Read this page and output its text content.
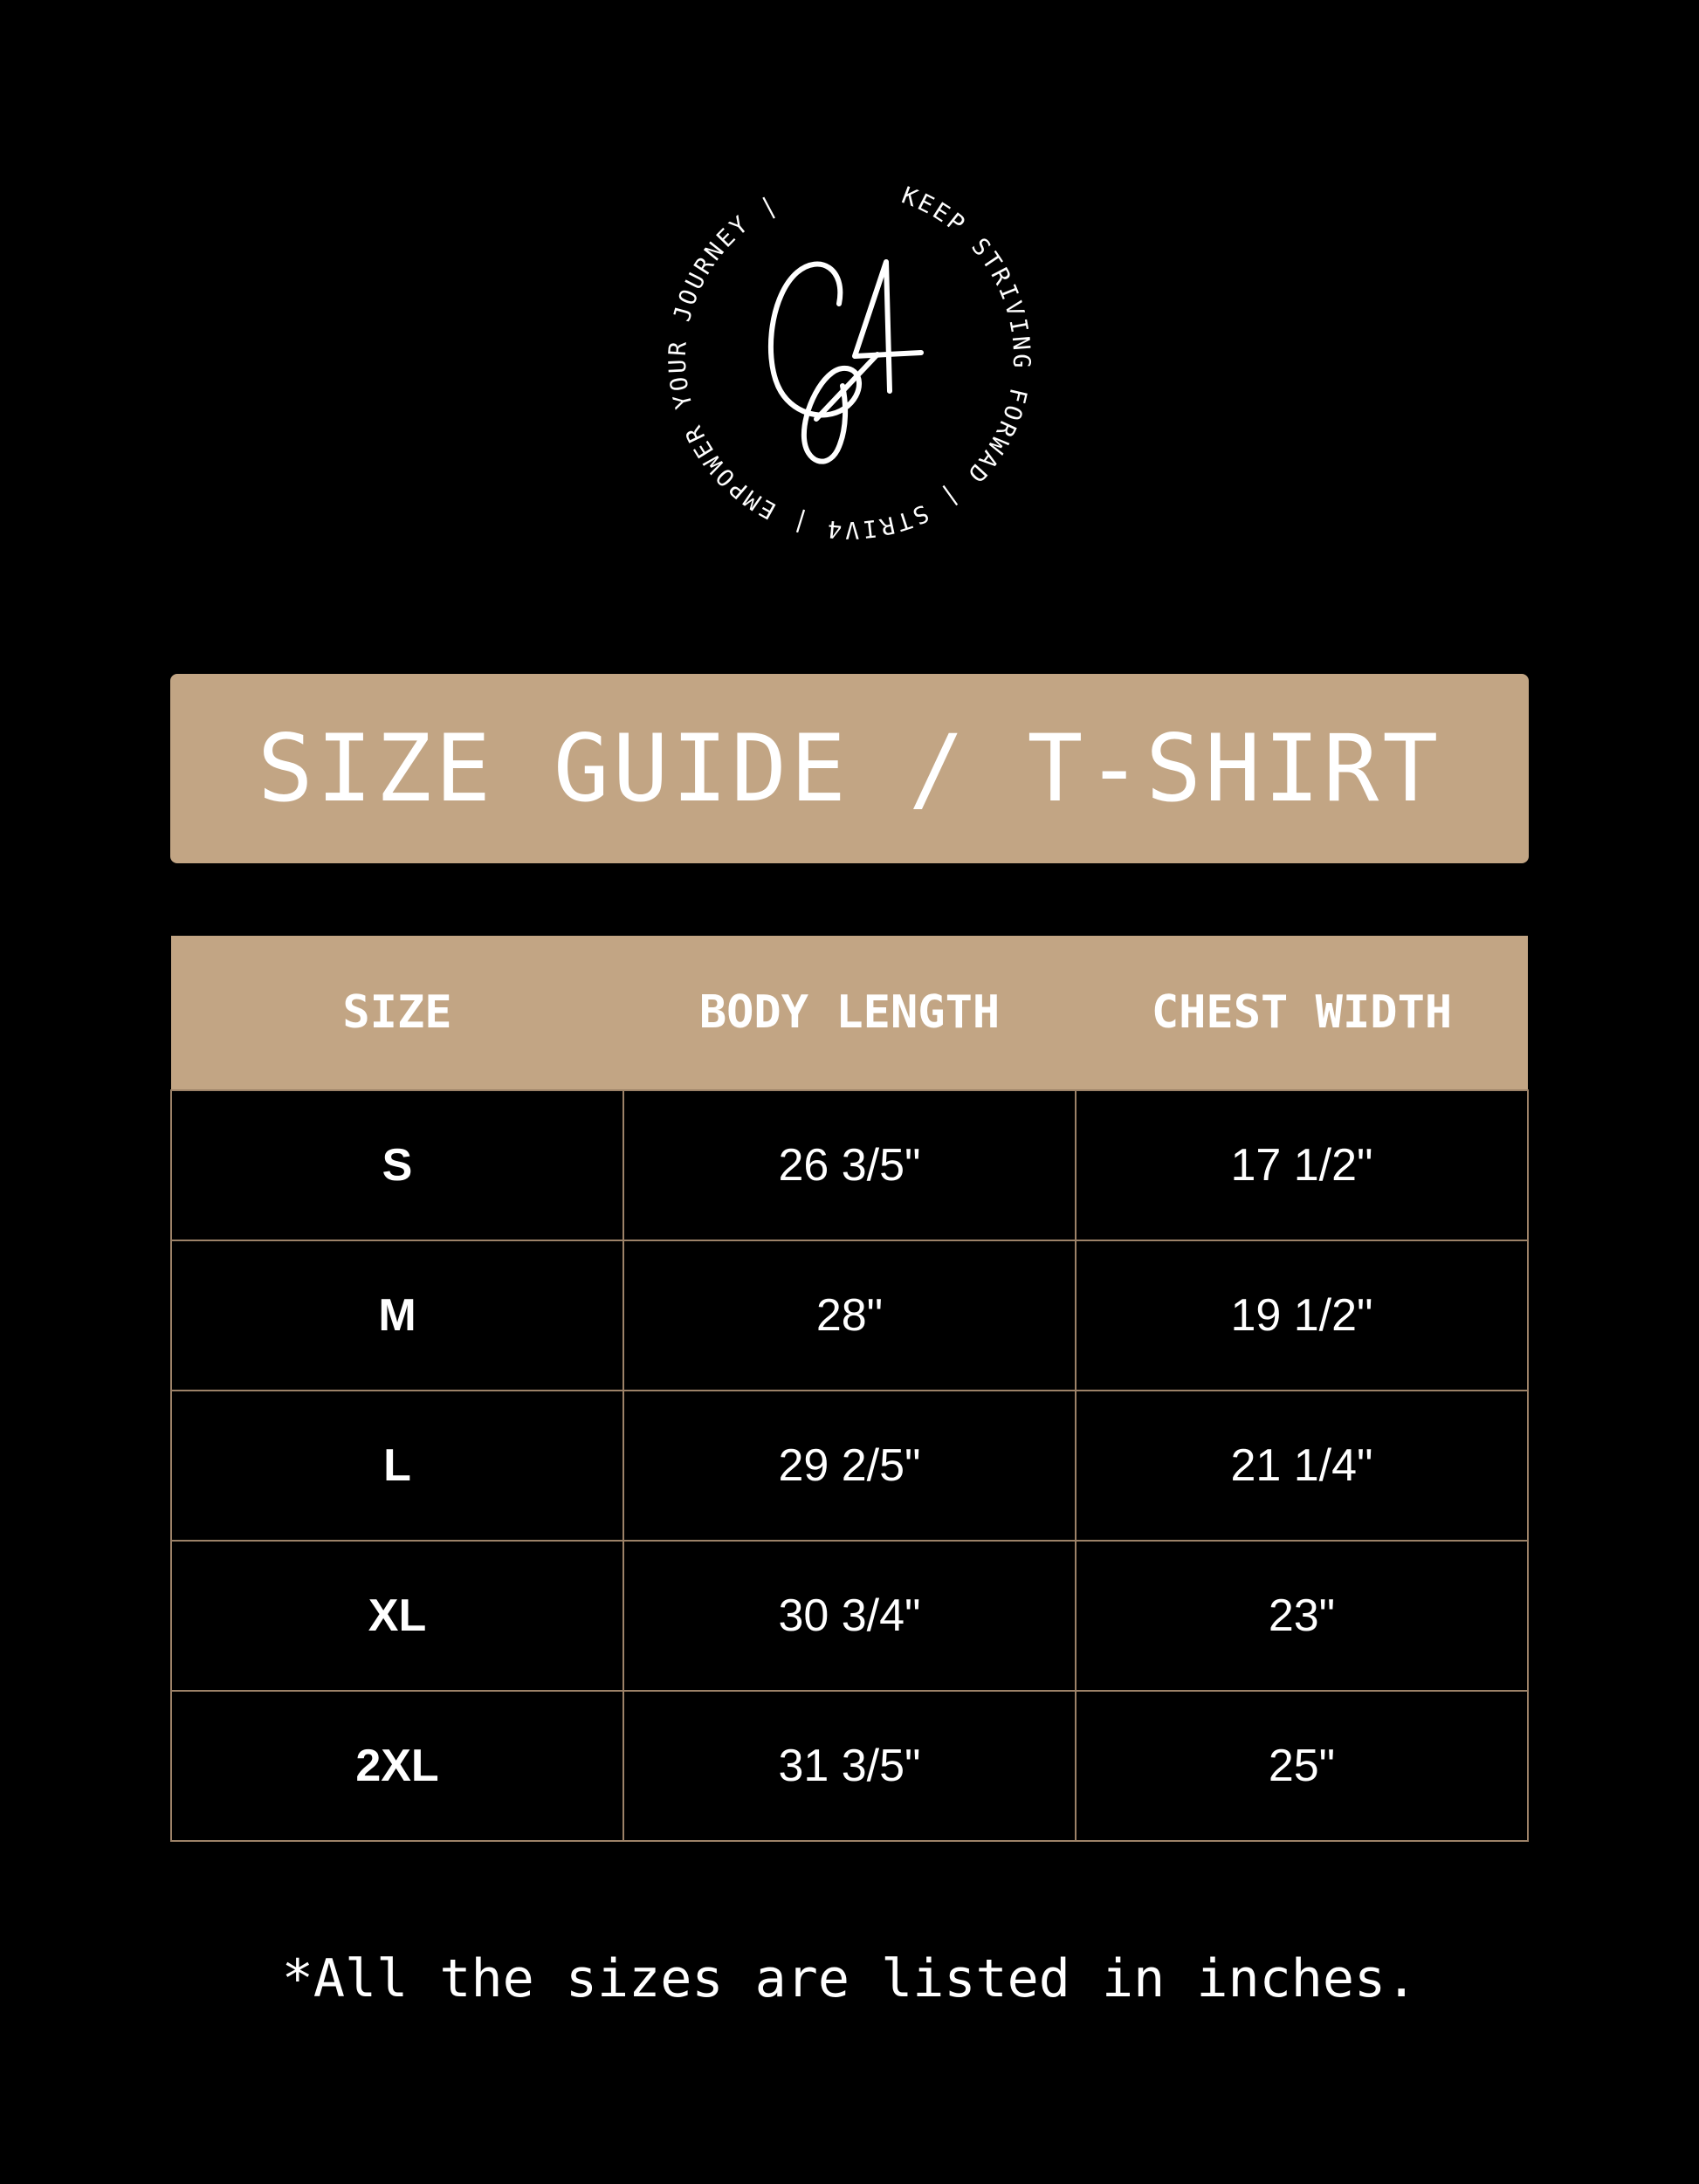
KEEP STRIVING FORWAD | STRIV4 | EMPOWER YOUR JOURNEY |
SIZE GUIDE / T-SHIRT
SIZE	BODY LENGTH	CHEST WIDTH
S	26 3/5"	17 1/2"
M	28"	19 1/2"
L	29 2/5"	21 1/4"
XL	30 3/4"	23"
2XL	31 3/5"	25"
*All the sizes are listed in inches.
